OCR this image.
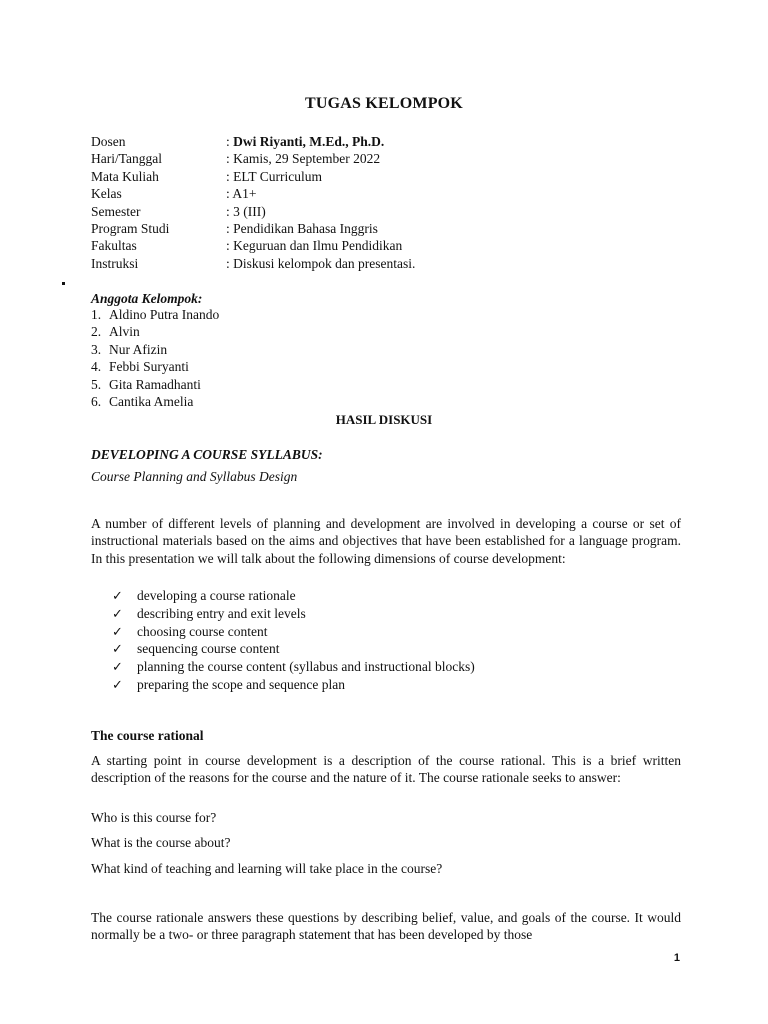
TUGAS KELOMPOK
Dosen	: Dwi Riyanti, M.Ed., Ph.D.
Hari/Tanggal	: Kamis, 29 September 2022
Mata Kuliah	: ELT Curriculum
Kelas	: A1+
Semester	: 3 (III)
Program Studi	: Pendidikan Bahasa Inggris
Fakultas	: Keguruan dan Ilmu Pendidikan
Instruksi	: Diskusi kelompok dan presentasi.
Anggota Kelompok:
1. Aldino Putra Inando
2. Alvin
3. Nur Afizin
4. Febbi Suryanti
5. Gita Ramadhanti
6. Cantika Amelia
HASIL DISKUSI
DEVELOPING A COURSE SYLLABUS:
Course Planning and Syllabus Design
A number of different levels of planning and development are involved in developing a course or set of instructional materials based on the aims and objectives that have been established for a language program. In this presentation we will talk about the following dimensions of course development:
✓ developing a course rationale
✓ describing entry and exit levels
✓ choosing course content
✓ sequencing course content
✓ planning the course content (syllabus and instructional blocks)
✓ preparing the scope and sequence plan
The course rational
A starting point in course development is a description of the course rational. This is a brief written description of the reasons for the course and the nature of it. The course rationale seeks to answer:
Who is this course for?
What is the course about?
What kind of teaching and learning will take place in the course?
The course rationale answers these questions by describing belief, value, and goals of the course. It would normally be a two- or three paragraph statement that has been developed by those
1
